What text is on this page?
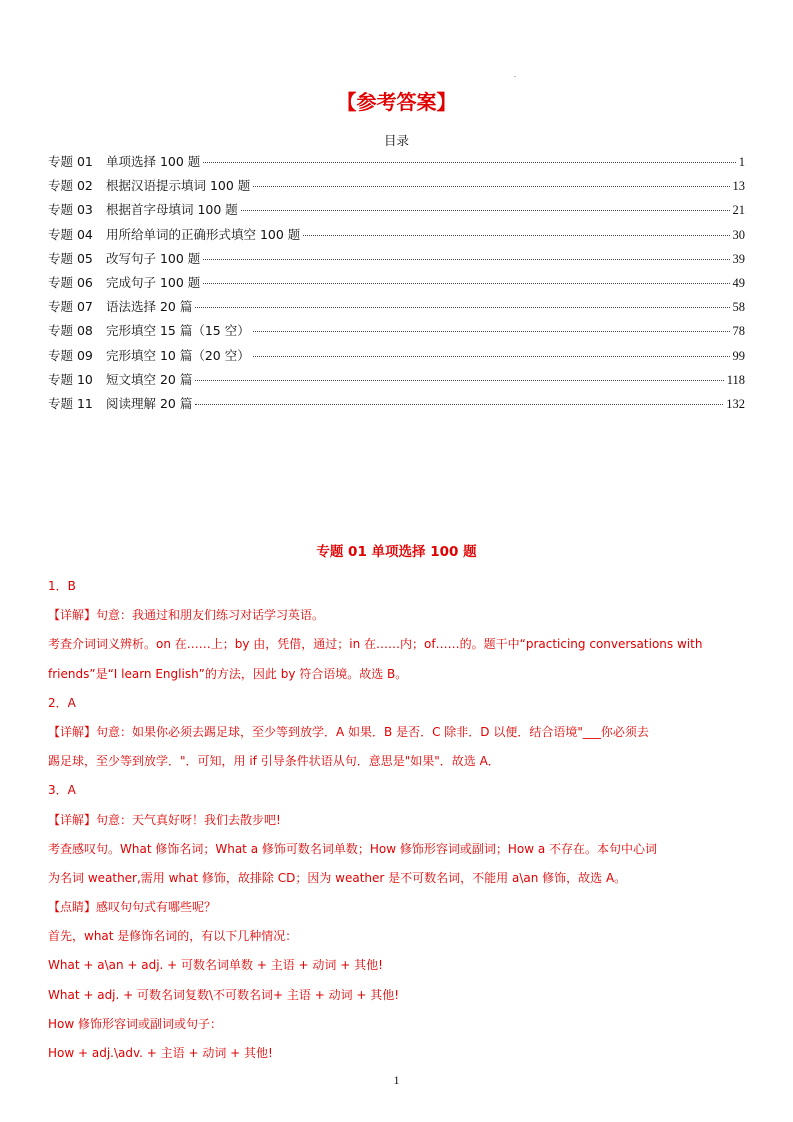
.
【参考答案】
目录
专题 01	单项选择 100 题	1
专题 02	根据汉语提示填词 100 题	13
专题 03	根据首字母填词 100 题	21
专题 04	用所给单词的正确形式填空 100 题	30
专题 05	改写句子 100 题	39
专题 06	完成句子 100 题	49
专题 07	语法选择 20 篇	58
专题 08	完形填空 15 篇（15 空）	78
专题 09	完形填空 10 篇（20 空）	99
专题 10	短文填空 20 篇	118
专题 11	阅读理解 20 篇	132
专题 01 单项选择 100 题
1．B
【详解】句意：我通过和朋友们练习对话学习英语。
考查介词词义辨析。on 在……上；by 由，凭借，通过；in 在……内；of……的。题干中“practicing conversations with
friends”是“I learn English”的方法，因此 by 符合语境。故选 B。
2．A
【详解】句意：如果你必须去踢足球，至少等到放学．A 如果．B 是否．C 除非．D 以便．结合语境"___你必须去
踢足球，至少等到放学．"．可知，用 if 引导条件状语从句．意思是"如果"．故选 A．
3．A
【详解】句意：天气真好呀！我们去散步吧!
考查感叹句。What 修饰名词；What a 修饰可数名词单数；How 修饰形容词或副词；How a 不存在。本句中心词
为名词 weather,需用 what 修饰，故排除 CD；因为 weather 是不可数名词，不能用 a\an 修饰，故选 A。
【点睛】感叹句句式有哪些呢？
首先，what 是修饰名词的，有以下几种情况：
What + a\an + adj. + 可数名词单数 + 主语 + 动词 + 其他!
What + adj. + 可数名词复数\不可数名词+ 主语 + 动词 + 其他!
How 修饰形容词或副词或句子：
How + adj.\adv. + 主语 + 动词 + 其他!
1
